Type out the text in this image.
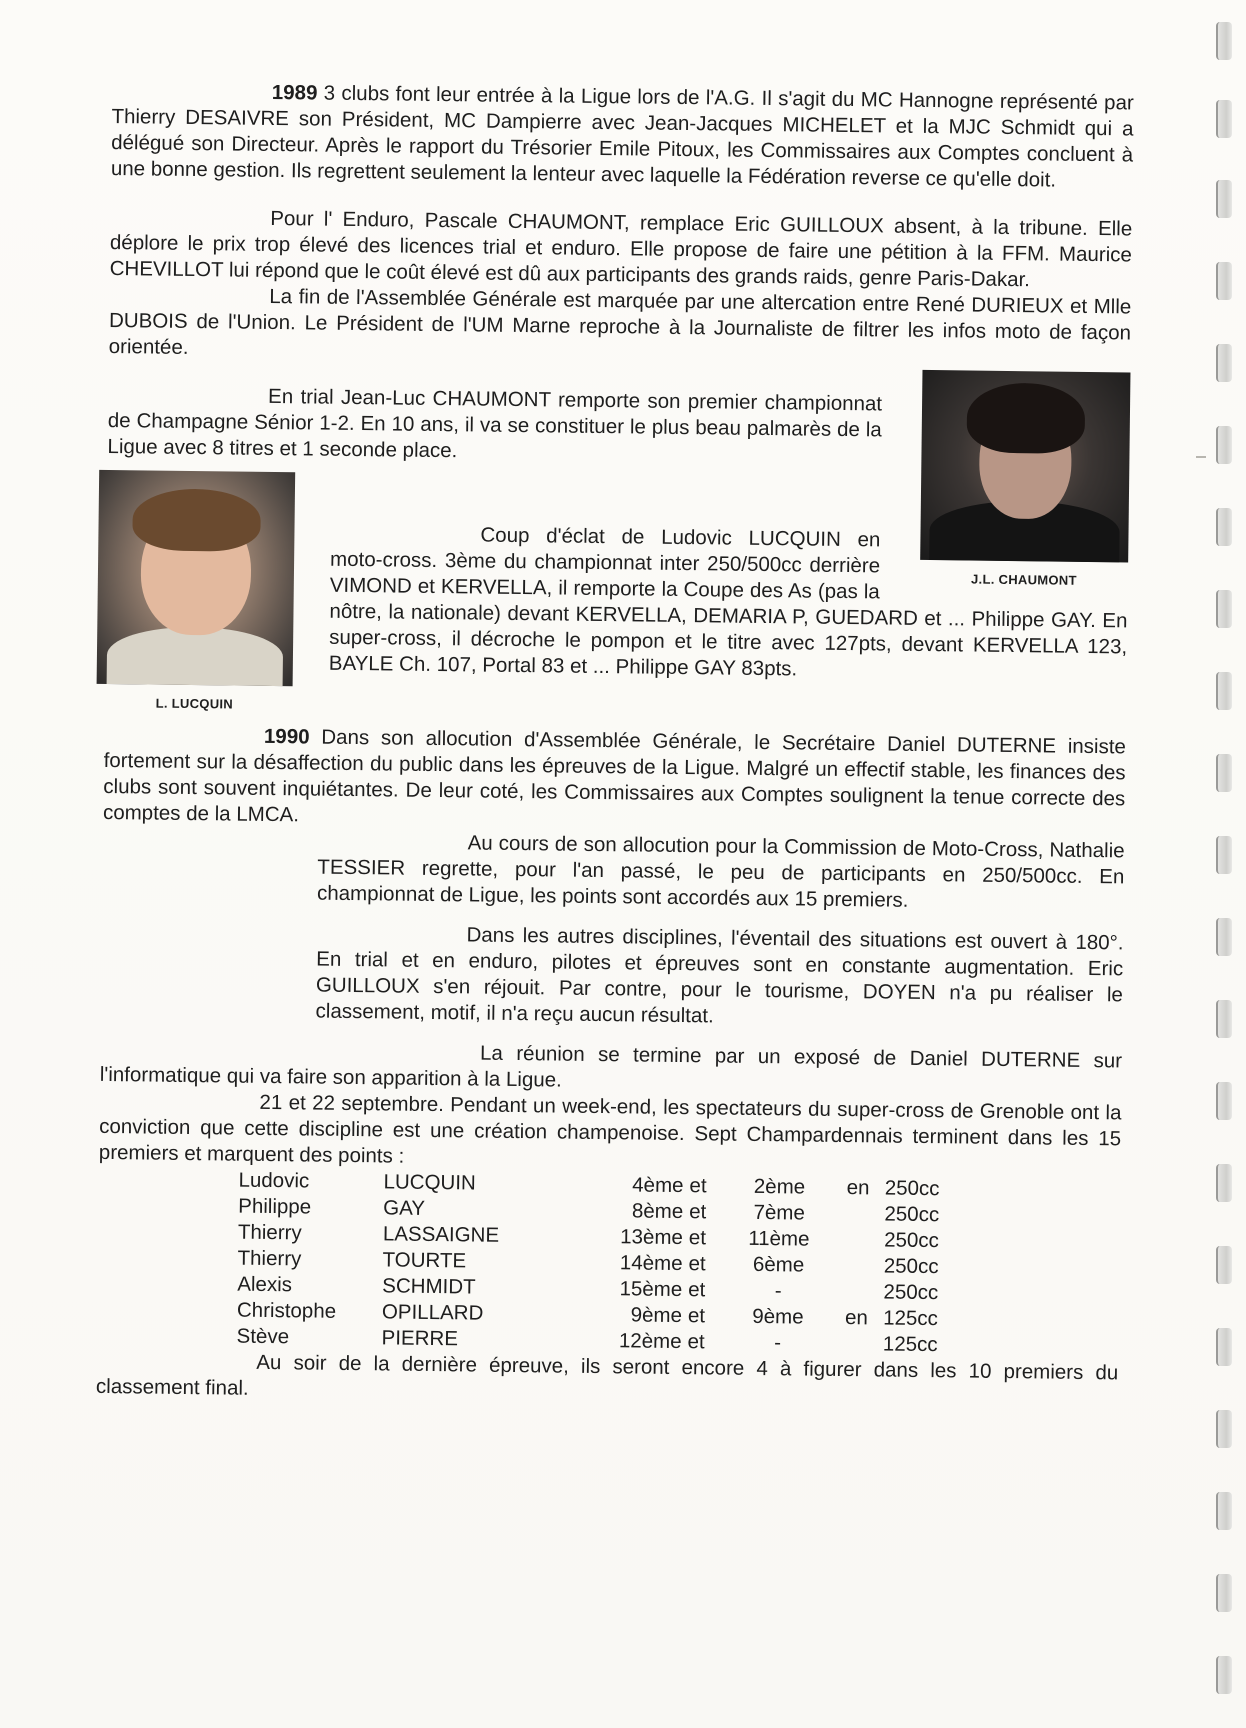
1989 3 clubs font leur entrée à la Ligue lors de l'A.G. Il s'agit du MC Hannogne représenté par Thierry DESAIVRE son Président, MC Dampierre avec Jean-Jacques MICHELET et la MJC Schmidt qui a délégué son Directeur. Après le rapport du Trésorier Emile Pitoux, les Commissaires aux Comptes concluent à une bonne gestion. Ils regrettent seulement la lenteur avec laquelle la Fédération reverse ce qu'elle doit.

Pour l' Enduro, Pascale CHAUMONT, remplace Eric GUILLOUX absent, à la tribune. Elle déplore le prix trop élevé des licences trial et enduro. Elle propose de faire une pétition à la FFM. Maurice CHEVILLOT lui répond que le coût élevé est dû aux participants des grands raids, genre Paris-Dakar.

La fin de l'Assemblée Générale est marquée par une altercation entre René DURIEUX et Mlle DUBOIS de l'Union. Le Président de l'UM Marne reproche à la Journaliste de filtrer les infos moto de façon orientée.

J.L. CHAUMONT

En trial Jean-Luc CHAUMONT remporte son premier championnat de Champagne Sénior 1-2. En 10 ans, il va se constituer le plus beau palmarès de la Ligue avec 8 titres et 1 seconde place.

L. LUCQUIN

Coup d'éclat de Ludovic LUCQUIN en moto-cross. 3ème du championnat inter 250/500cc derrière VIMOND et KERVELLA, il remporte la Coupe des As (pas la nôtre, la nationale) devant KERVELLA, DEMARIA P, GUEDARD et ... Philippe GAY. En super-cross, il décroche le pompon et le titre avec 127pts, devant KERVELLA 123, BAYLE Ch. 107, Portal 83 et ... Philippe GAY 83pts.

1990 Dans son allocution d'Assemblée Générale, le Secrétaire Daniel DUTERNE insiste fortement sur la désaffection du public dans les épreuves de la Ligue. Malgré un effectif stable, les finances des clubs sont souvent inquiétantes. De leur coté, les Commissaires aux Comptes soulignent la tenue correcte des comptes de la LMCA.

Au cours de son allocution pour la Commission de Moto-Cross, Nathalie TESSIER regrette, pour l'an passé, le peu de participants en 250/500cc. En championnat de Ligue, les points sont accordés aux 15 premiers.

Dans les autres disciplines, l'éventail des situations est ouvert à 180°. En trial et en enduro, pilotes et épreuves sont en constante augmentation. Eric GUILLOUX s'en réjouit. Par contre, pour le tourisme, DOYEN n'a pu réaliser le classement, motif, il n'a reçu aucun résultat.

La réunion se termine par un exposé de Daniel DUTERNE sur l'informatique qui va faire son apparition à la Ligue.

21 et 22 septembre. Pendant un week-end, les spectateurs du super-cross de Grenoble ont la conviction que cette discipline est une création champenoise. Sept Champardennais terminent dans les 15 premiers et marquent des points :

Ludovic	LUCQUIN	4ème	et	2ème	en	250cc
Philippe	GAY	8ème	et	7ème		250cc
Thierry	LASSAIGNE	13ème	et	11ème		250cc
Thierry	TOURTE	14ème	et	6ème		250cc
Alexis	SCHMIDT	15ème	et	-		250cc
Christophe	OPILLARD	9ème	et	9ème	en	125cc
Stève	PIERRE	12ème	et	-		125cc

Au soir de la dernière épreuve, ils seront encore 4 à figurer dans les 10 premiers du classement final.
